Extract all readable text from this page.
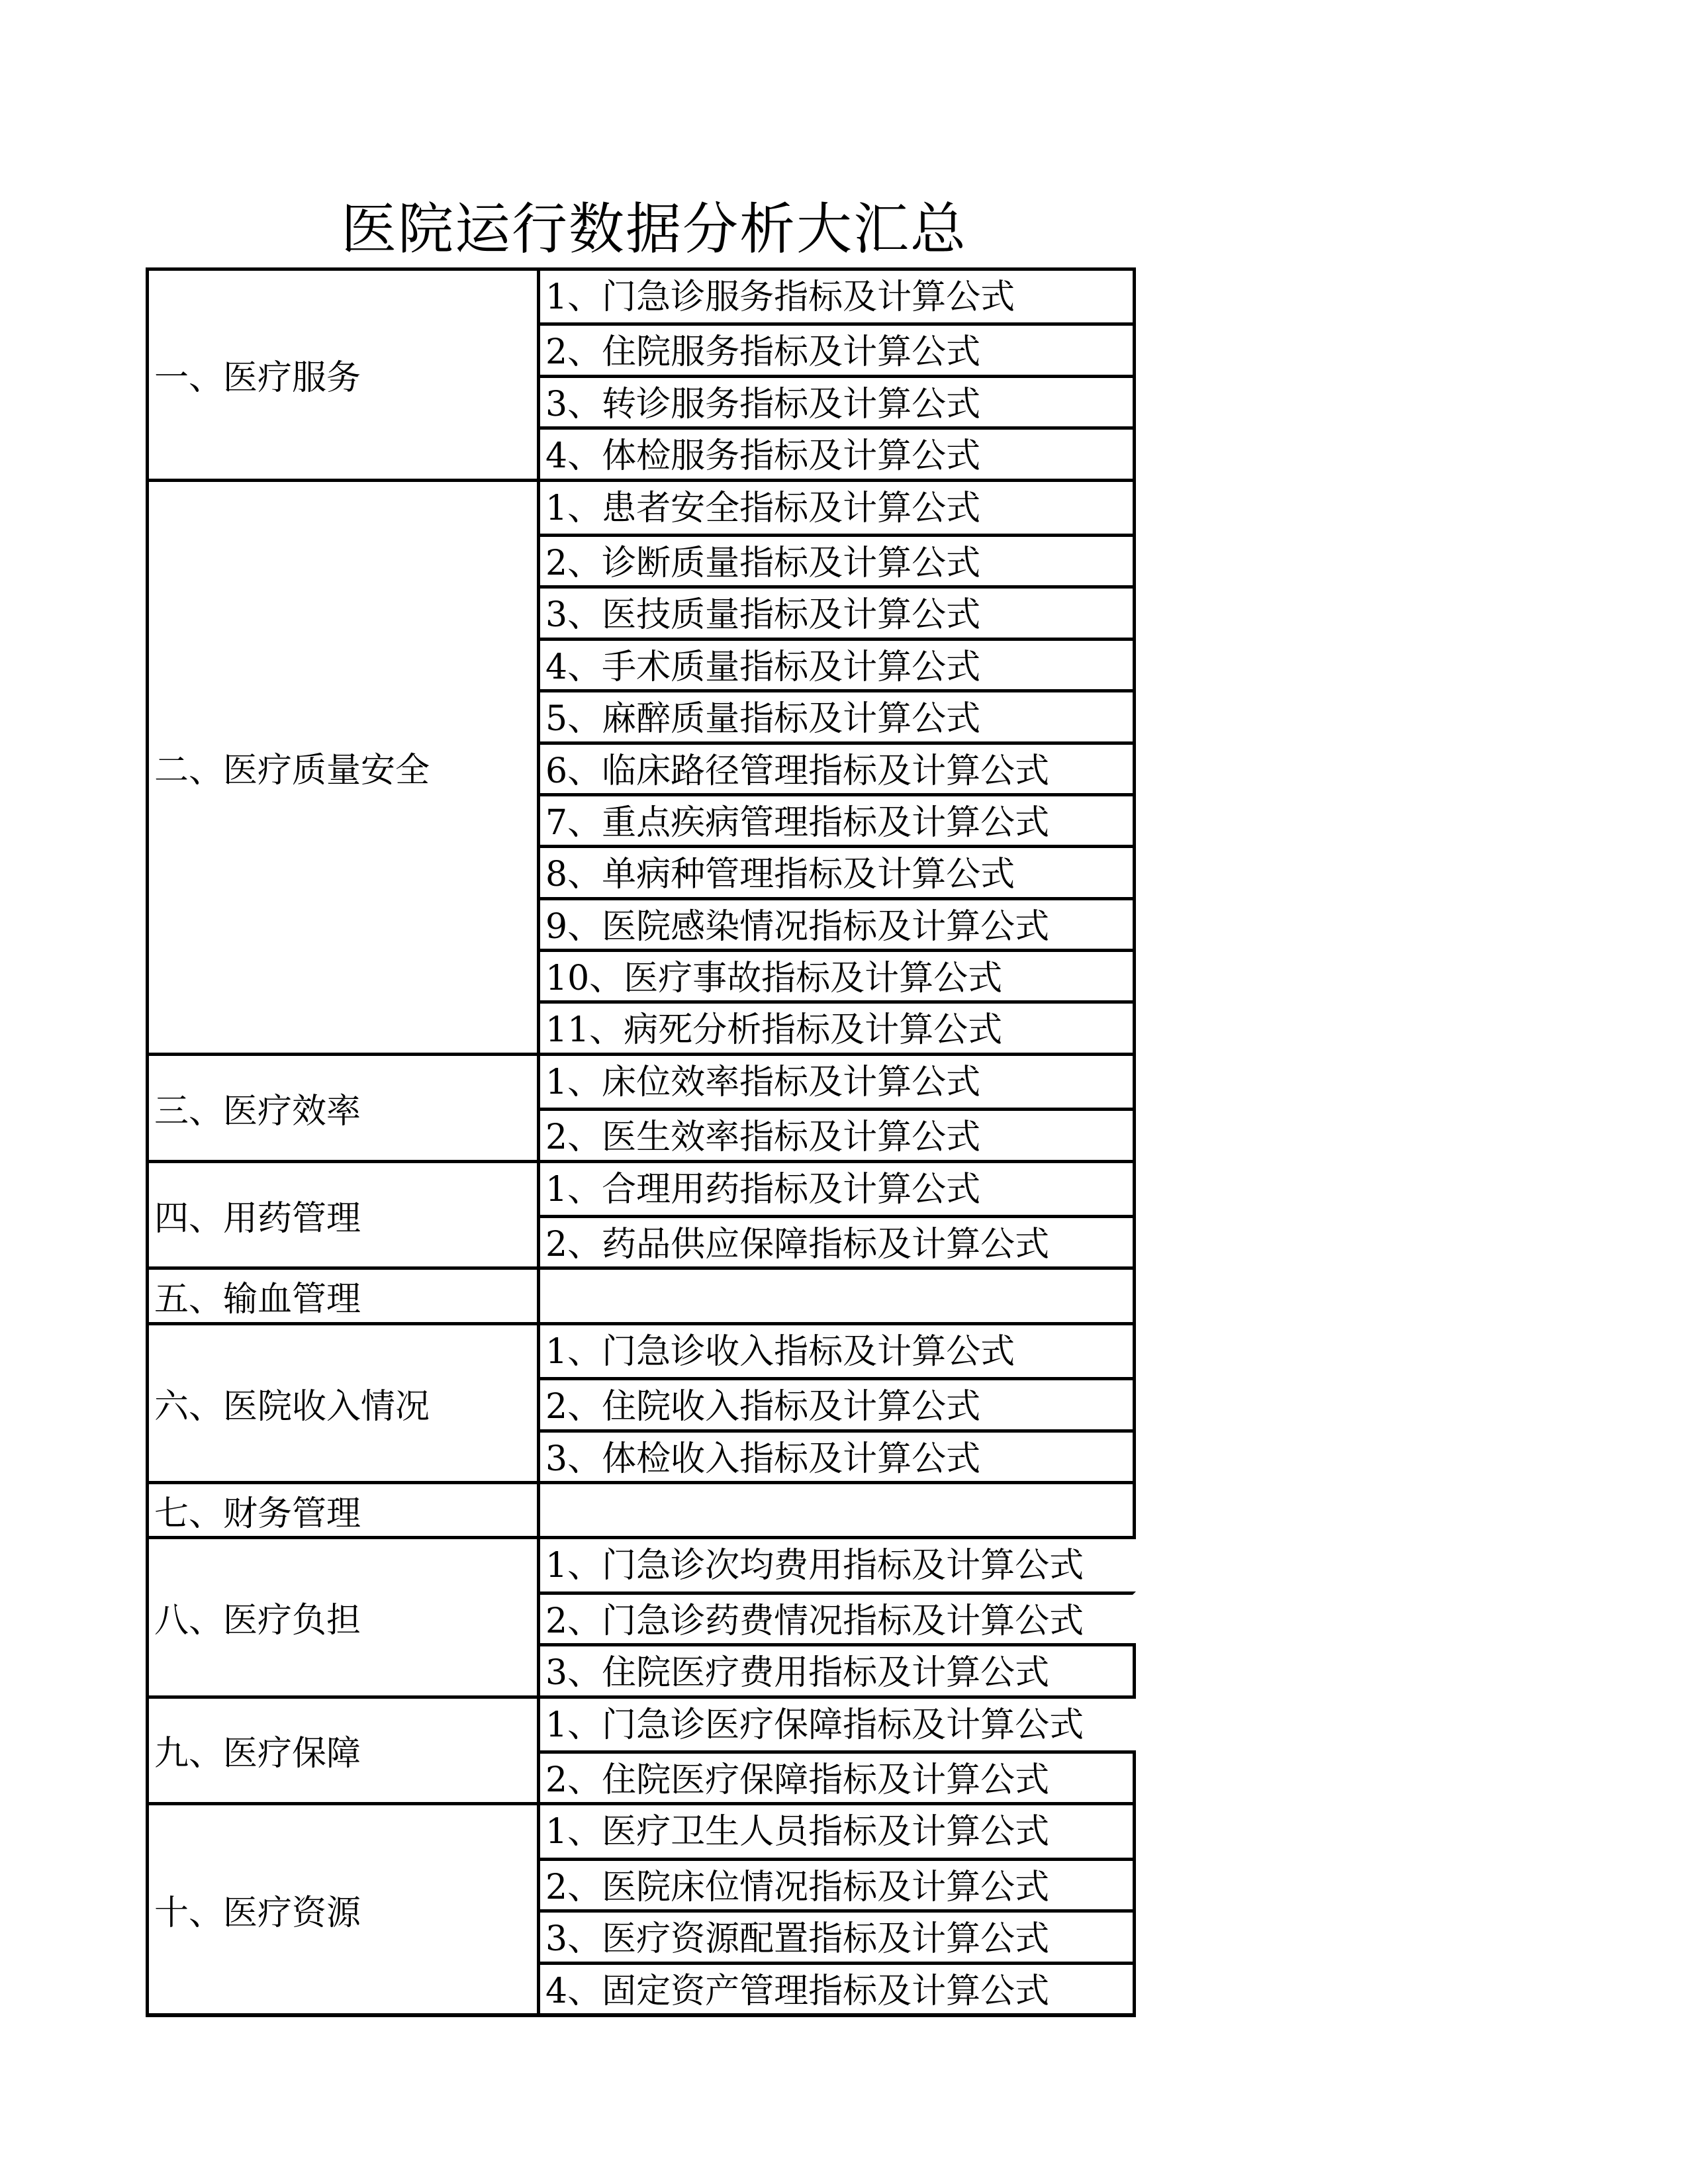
医院运行数据分析大汇总
一、医疗服务
1、门急诊服务指标及计算公式
2、住院服务指标及计算公式
3、转诊服务指标及计算公式
4、体检服务指标及计算公式
二、医疗质量安全
1、患者安全指标及计算公式
2、诊断质量指标及计算公式
3、医技质量指标及计算公式
4、手术质量指标及计算公式
5、麻醉质量指标及计算公式
6、临床路径管理指标及计算公式
7、重点疾病管理指标及计算公式
8、单病种管理指标及计算公式
9、医院感染情况指标及计算公式
10、医疗事故指标及计算公式
11、病死分析指标及计算公式
三、医疗效率
1、床位效率指标及计算公式
2、医生效率指标及计算公式
四、用药管理
1、合理用药指标及计算公式
2、药品供应保障指标及计算公式
五、输血管理
六、医院收入情况
1、门急诊收入指标及计算公式
2、住院收入指标及计算公式
3、体检收入指标及计算公式
七、财务管理
八、医疗负担
1、门急诊次均费用指标及计算公式
2、门急诊药费情况指标及计算公式
3、住院医疗费用指标及计算公式
九、医疗保障
1、门急诊医疗保障指标及计算公式
2、住院医疗保障指标及计算公式
十、医疗资源
1、医疗卫生人员指标及计算公式
2、医院床位情况指标及计算公式
3、医疗资源配置指标及计算公式
4、固定资产管理指标及计算公式
